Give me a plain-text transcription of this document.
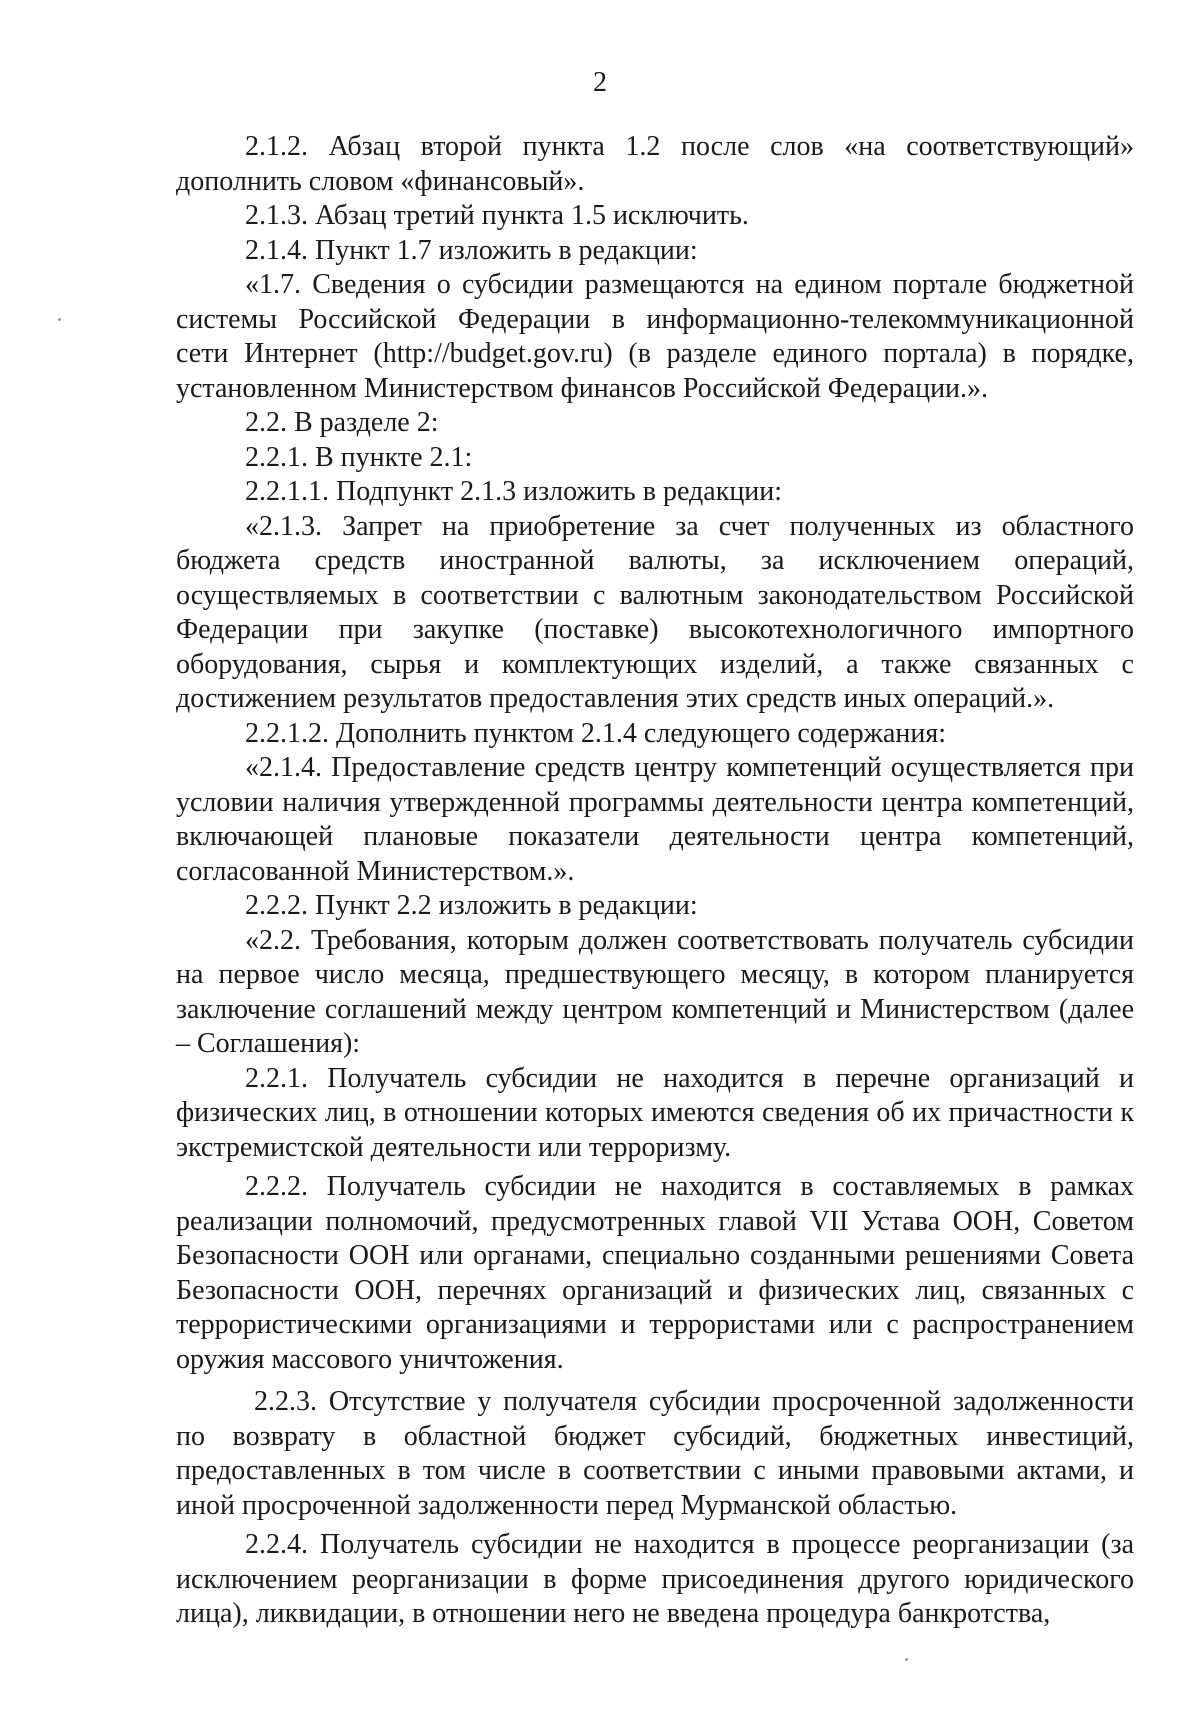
2

2.1.2. Абзац второй пункта 1.2 после слов «на соответствующий» дополнить словом «финансовый».

2.1.3. Абзац третий пункта 1.5 исключить.

2.1.4. Пункт 1.7 изложить в редакции:

«1.7. Сведения о субсидии размещаются на едином портале бюджетной системы Российской Федерации в информационно-телекоммуникационной сети Интернет (http://budget.gov.ru) (в разделе единого портала) в порядке, установленном Министерством финансов Российской Федерации.».

2.2. В разделе 2:

2.2.1. В пункте 2.1:

2.2.1.1. Подпункт 2.1.3 изложить в редакции:

«2.1.3. Запрет на приобретение за счет полученных из областного бюджета средств иностранной валюты, за исключением операций, осуществляемых в соответствии с валютным законодательством Российской Федерации при закупке (поставке) высокотехнологичного импортного оборудования, сырья и комплектующих изделий, а также связанных с достижением результатов предоставления этих средств иных операций.».

2.2.1.2. Дополнить пунктом 2.1.4 следующего содержания:

«2.1.4. Предоставление средств центру компетенций осуществляется при условии наличия утвержденной программы деятельности центра компетенций, включающей плановые показатели деятельности центра компетенций, согласованной Министерством.».

2.2.2. Пункт 2.2 изложить в редакции:

«2.2. Требования, которым должен соответствовать получатель субсидии на первое число месяца, предшествующего месяцу, в котором планируется заключение соглашений между центром компетенций и Министерством (далее – Соглашения):

2.2.1. Получатель субсидии не находится в перечне организаций и физических лиц, в отношении которых имеются сведения об их причастности к экстремистской деятельности или терроризму.

2.2.2. Получатель субсидии не находится в составляемых в рамках реализации полномочий, предусмотренных главой VII Устава ООН, Советом Безопасности ООН или органами, специально созданными решениями Совета Безопасности ООН, перечнях организаций и физических лиц, связанных с террористическими организациями и террористами или с распространением оружия массового уничтожения.

2.2.3. Отсутствие у получателя субсидии просроченной задолженности по возврату в областной бюджет субсидий, бюджетных инвестиций, предоставленных в том числе в соответствии с иными правовыми актами, и иной просроченной задолженности перед Мурманской областью.

2.2.4. Получатель субсидии не находится в процессе реорганизации (за исключением реорганизации в форме присоединения другого юридического лица), ликвидации, в отношении него не введена процедура банкротства,
